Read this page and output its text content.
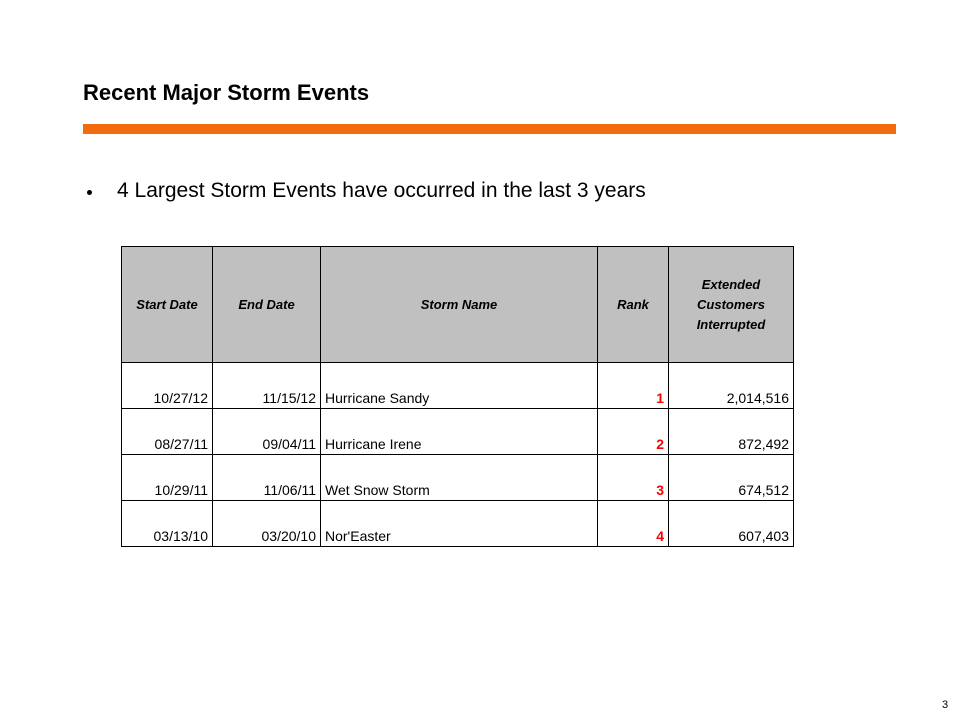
Recent Major Storm Events
4 Largest Storm Events have occurred in the last 3 years
Start Date	End Date	Storm Name	Rank	Extended Customers Interrupted
10/27/12	11/15/12	Hurricane Sandy	1	2,014,516
08/27/11	09/04/11	Hurricane Irene	2	872,492
10/29/11	11/06/11	Wet Snow Storm	3	674,512
03/13/10	03/20/10	Nor'Easter	4	607,403
3
